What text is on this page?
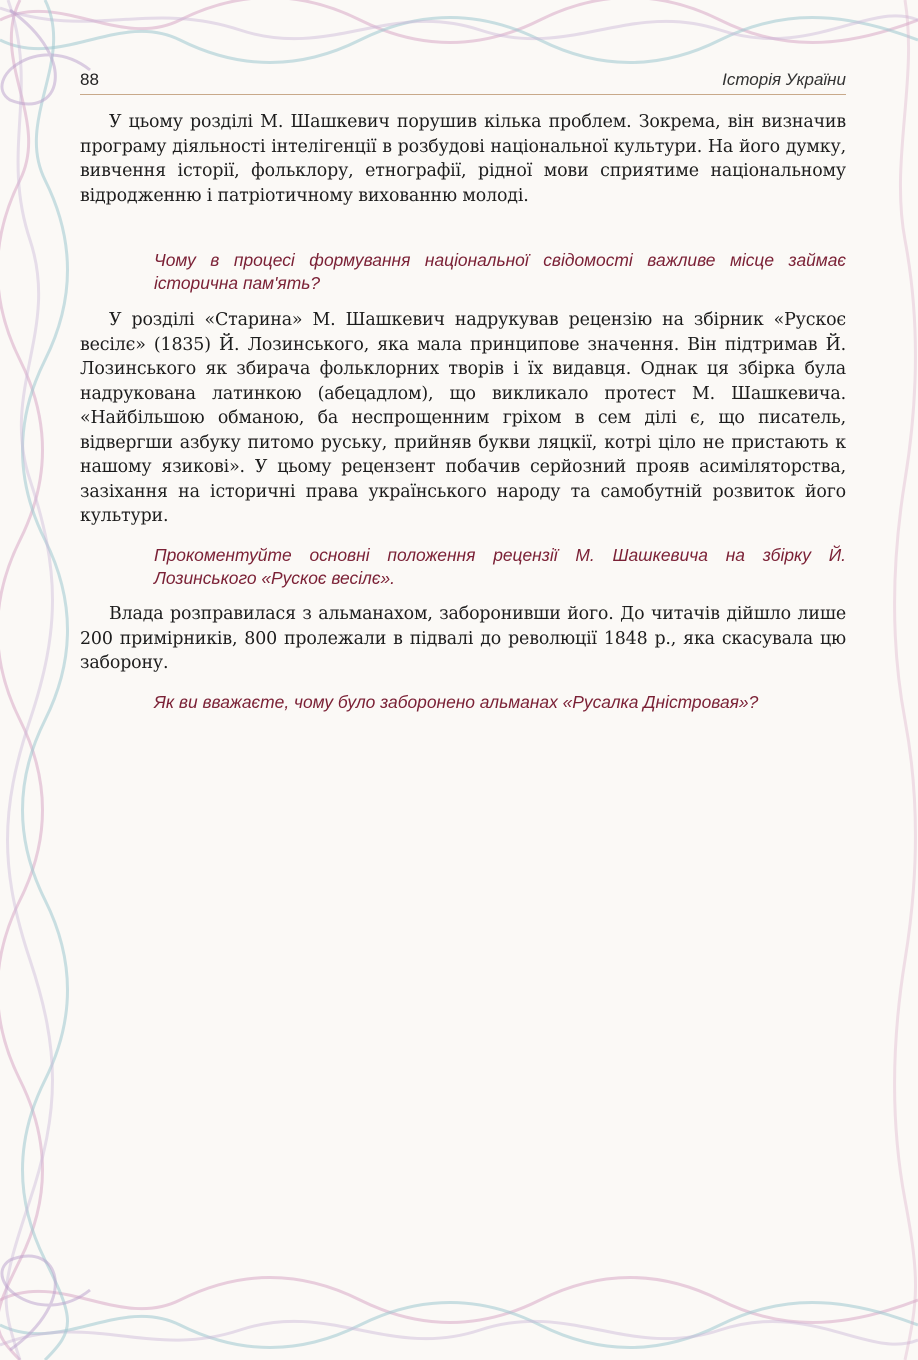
88	Історія України

У цьому розділі М. Шашкевич порушив кілька проблем. Зокрема, він визначив програму діяльності інтелігенції в розбудові національної культури. На його думку, вивчення історії, фольклору, етнографії, рідної мови сприятиме національному відродженню і патріотичному вихованню молоді.

Чому в процесі формування національної свідомості важливе місце займає історична пам'ять?

У розділі «Старина» М. Шашкевич надрукував рецензію на збірник «Рускоє весілє» (1835) Й. Лозинського, яка мала принципове значення. Він підтримав Й. Лозинського як збирача фольклорних творів і їх видавця. Однак ця збірка була надрукована латинкою (абецадлом), що викликало протест М. Шашкевича. «Найбільшою обманою, ба неспрощенним гріхом в сем ділі є, що писатель, відвергши азбуку питомо руську, прийняв букви ляцкії, котрі ціло не пристають к нашому язикові». У цьому рецензент побачив серйозний прояв асиміляторства, зазіхання на історичні права українського народу та самобутній розвиток його культури.

Прокоментуйте основні положення рецензії М. Шашкевича на збірку Й. Лозинського «Рускоє весілє».

Влада розправилася з альманахом, заборонивши його. До читачів дійшло лише 200 примірників, 800 пролежали в підвалі до революції 1848 р., яка скасувала цю заборону.

Як ви вважаєте, чому було заборонено альманах «Русалка Дністровая»?
